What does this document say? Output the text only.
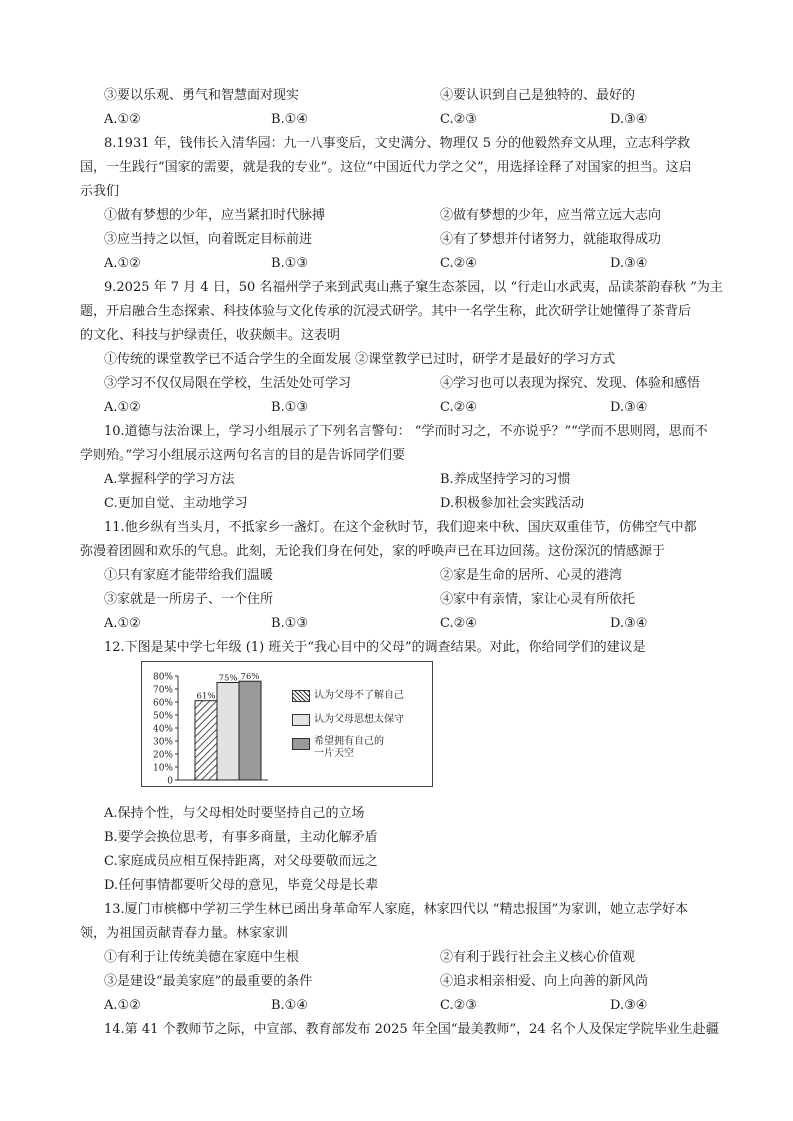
③要以乐观、勇气和智慧面对现实	④要认识到自己是独特的、最好的
A.①②	B.①④	C.②③	D.③④
8.1931 年，钱伟长入清华园：九一八事变后，文史满分、物理仅 5 分的他毅然弃文从理，立志科学救
国，一生践行“国家的需要，就是我的专业”。这位“中国近代力学之父”，用选择诠释了对国家的担当。这启
示我们
①做有梦想的少年，应当紧扣时代脉搏	②做有梦想的少年，应当常立远大志向
③应当持之以恒，向着既定目标前进	④有了梦想并付诸努力，就能取得成功
A.①②	B.①③	C.②④	D.③④
9.2025 年 7 月 4 日，50 名福州学子来到武夷山燕子窠生态茶园，以 “行走山水武夷，品读茶韵春秋 ”为主
题，开启融合生态探索、科技体验与文化传承的沉浸式研学。其中一名学生称，此次研学让她懂得了茶背后
的文化、科技与护绿责任，收获颇丰。这表明
①传统的课堂教学已不适合学生的全面发展 ②课堂教学已过时，研学才是最好的学习方式
③学习不仅仅局限在学校，生活处处可学习	④学习也可以表现为探究、发现、体验和感悟
A.①②	B.①③	C.②④	D.③④
10.道德与法治课上，学习小组展示了下列名言警句： “学而时习之，不亦说乎？”“学而不思则罔，思而不
学则殆。”学习小组展示这两句名言的目的是告诉同学们要
A.掌握科学的学习方法	B.养成坚持学习的习惯
C.更加自觉、主动地学习	D.积极参加社会实践活动
11.他乡纵有当头月，不抵家乡一盏灯。在这个金秋时节，我们迎来中秋、国庆双重佳节，仿佛空气中都
弥漫着团圆和欢乐的气息。此刻，无论我们身在何处，家的呼唤声已在耳边回荡。这份深沉的情感源于
①只有家庭才能带给我们温暖	②家是生命的居所、心灵的港湾
③家就是一所房子、一个住所	④家中有亲情，家让心灵有所依托
A.①②	B.①③	C.②④	D.③④
12.下图是某中学七年级 (1) 班关于“我心目中的父母”的调查结果。对此，你给同学们的建议是
80%
70%
60%
50%
40%
30%
20%
10%
0
61%
75% 76%
认为父母不了解自己
认为父母思想太保守
希望拥有自己的一片天空
A.保持个性，与父母相处时要坚持自己的立场
B.要学会换位思考，有事多商量，主动化解矛盾
C.家庭成员应相互保持距离，对父母要敬而远之
D.任何事情都要听父母的意见，毕竟父母是长辈
13.厦门市槟榔中学初三学生林已函出身革命军人家庭，林家四代以 “精忠报国”为家训，她立志学好本
领，为祖国贡献青春力量。林家家训
①有利于让传统美德在家庭中生根	②有利于践行社会主义核心价值观
③是建设“最美家庭”的最重要的条件	④追求相亲相爱、向上向善的新风尚
A.①②	B.①④	C.②③	D.③④
14.第 41 个教师节之际，中宣部、教育部发布 2025 年全国“最美教师”，24 名个人及保定学院毕业生赴疆
